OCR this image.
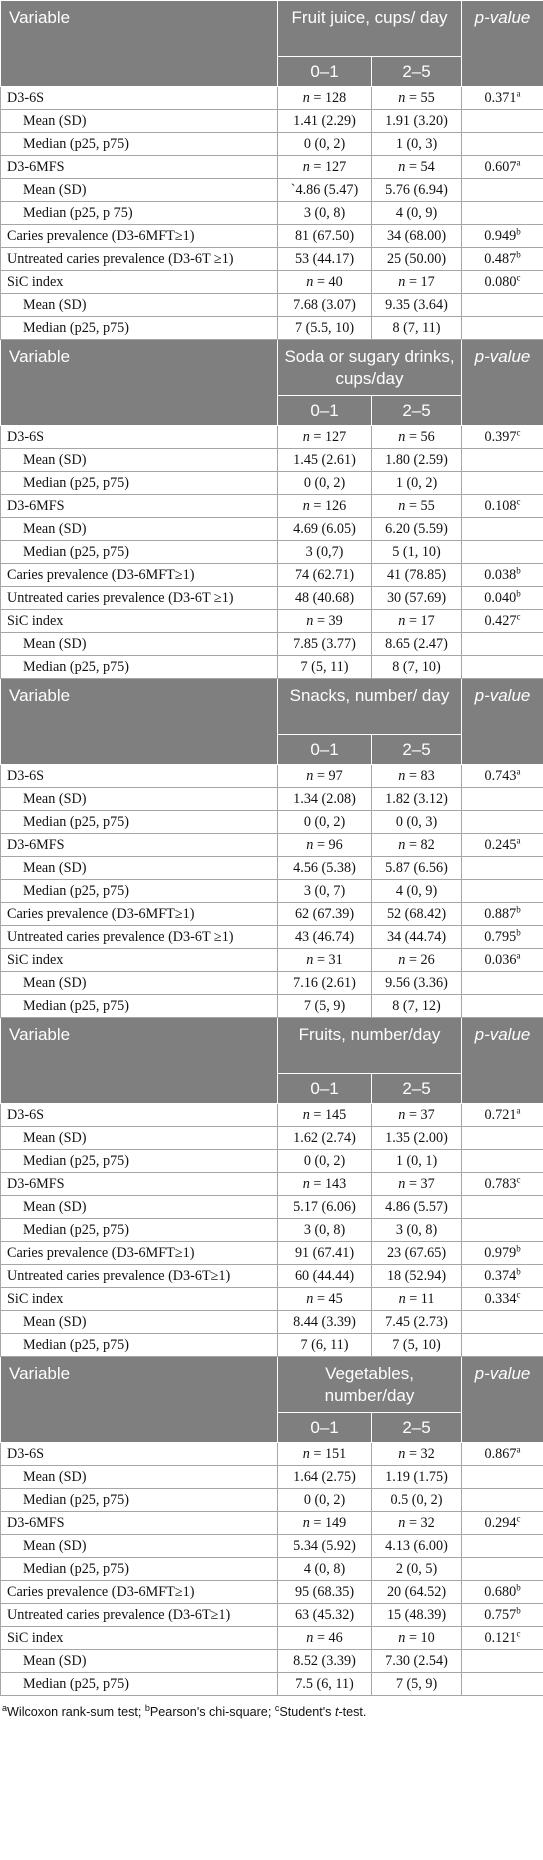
Variable	Fruit juice, cups/ day		p-value
	0–1	2–5	
D3-6S	n = 128	n = 55	0.371$^a$
Mean (SD)	1.41 (2.29)	1.91 (3.20)	
Median (p25, p75)	0 (0, 2)	1 (0, 3)	
D3-6MFS	n = 127	n = 54	0.607$^a$
Mean (SD)	`4.86 (5.47)	5.76 (6.94)	
Median (p25, p 75)	3 (0, 8)	4 (0, 9)	
Caries prevalence (D3-6MFT≥1)	81 (67.50)	34 (68.00)	0.949$^b$
Untreated caries prevalence (D3-6T ≥1)	53 (44.17)	25 (50.00)	0.487$^b$
SiC index	n = 40	n = 17	0.080$^c$
Mean (SD)	7.68 (3.07)	9.35 (3.64)	
Median (p25, p75)	7 (5.5, 10)	8 (7, 11)	
Variable	Soda or sugary drinks, cups/day		p-value
	0–1	2–5	
D3-6S	n = 127	n = 56	0.397$^c$
Mean (SD)	1.45 (2.61)	1.80 (2.59)	
Median (p25, p75)	0 (0, 2)	1 (0, 2)	
D3-6MFS	n = 126	n = 55	0.108$^c$
Mean (SD)	4.69 (6.05)	6.20 (5.59)	
Median (p25, p75)	3 (0,7)	5 (1, 10)	
Caries prevalence (D3-6MFT≥1)	74 (62.71)	41 (78.85)	0.038$^b$
Untreated caries prevalence (D3-6T ≥1)	48 (40.68)	30 (57.69)	0.040$^b$
SiC index	n = 39	n = 17	0.427$^c$
Mean (SD)	7.85 (3.77)	8.65 (2.47)	
Median (p25, p75)	7 (5, 11)	8 (7, 10)	
Variable	Snacks, number/ day		p-value
	0–1	2–5	
D3-6S	n = 97	n = 83	0.743$^a$
Mean (SD)	1.34 (2.08)	1.82 (3.12)	
Median (p25, p75)	0 (0, 2)	0 (0, 3)	
D3-6MFS	n = 96	n = 82	0.245$^a$
Mean (SD)	4.56 (5.38)	5.87 (6.56)	
Median (p25, p75)	3 (0, 7)	4 (0, 9)	
Caries prevalence (D3-6MFT≥1)	62 (67.39)	52 (68.42)	0.887$^b$
Untreated caries prevalence (D3-6T ≥1)	43 (46.74)	34 (44.74)	0.795$^b$
SiC index	n = 31	n = 26	0.036$^a$
Mean (SD)	7.16 (2.61)	9.56 (3.36)	
Median (p25, p75)	7 (5, 9)	8 (7, 12)	
Variable	Fruits, number/day		p-value
	0–1	2–5	
D3-6S	n = 145	n = 37	0.721$^a$
Mean (SD)	1.62 (2.74)	1.35 (2.00)	
Median (p25, p75)	0 (0, 2)	1 (0, 1)	
D3-6MFS	n = 143	n = 37	0.783$^c$
Mean (SD)	5.17 (6.06)	4.86 (5.57)	
Median (p25, p75)	3 (0, 8)	3 (0, 8)	
Caries prevalence (D3-6MFT≥1)	91 (67.41)	23 (67.65)	0.979$^b$
Untreated caries prevalence (D3-6T≥1)	60 (44.44)	18 (52.94)	0.374$^b$
SiC index	n = 45	n = 11	0.334$^c$
Mean (SD)	8.44 (3.39)	7.45 (2.73)	
Median (p25, p75)	7 (6, 11)	7 (5, 10)	
Variable	Vegetables, number/day		p-value
	0–1	2–5	
D3-6S	n = 151	n = 32	0.867$^a$
Mean (SD)	1.64 (2.75)	1.19 (1.75)	
Median (p25, p75)	0 (0, 2)	0.5 (0, 2)	
D3-6MFS	n = 149	n = 32	0.294$^c$
Mean (SD)	5.34 (5.92)	4.13 (6.00)	
Median (p25, p75)	4 (0, 8)	2 (0, 5)	
Caries prevalence (D3-6MFT≥1)	95 (68.35)	20 (64.52)	0.680$^b$
Untreated caries prevalence (D3-6T≥1)	63 (45.32)	15 (48.39)	0.757$^b$
SiC index	n = 46	n = 10	0.121$^c$
Mean (SD)	8.52 (3.39)	7.30 (2.54)	
Median (p25, p75)	7.5 (6, 11)	7 (5, 9)	
$^a$Wilcoxon rank-sum test; $^b$Pearson's chi-square; $^c$Student's t-test.
